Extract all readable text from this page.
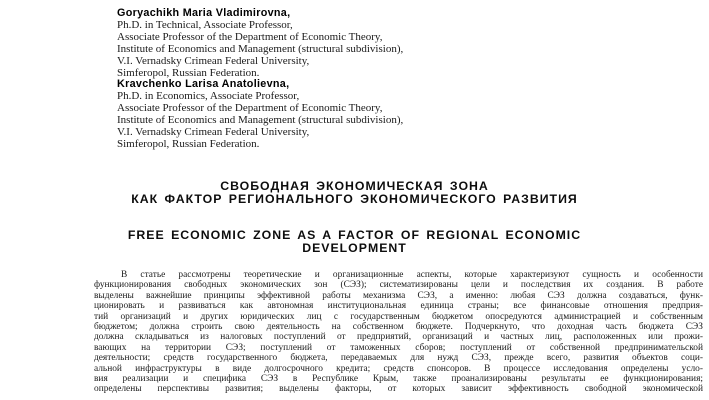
Goryachikh Maria Vladimirovna,
Ph.D. in Technical, Associate Professor,
Associate Professor of the Department of Economic Theory,
Institute of Economics and Management (structural subdivision),
V.I. Vernadsky Crimean Federal University,
Simferopol, Russian Federation.
Kravchenko Larisa Anatolievna,
Ph.D. in Economics, Associate Professor,
Associate Professor of the Department of Economic Theory,
Institute of Economics and Management (structural subdivision),
V.I. Vernadsky Crimean Federal University,
Simferopol, Russian Federation.
СВОБОДНАЯ ЭКОНОМИЧЕСКАЯ ЗОНА
КАК ФАКТОР РЕГИОНАЛЬНОГО ЭКОНОМИЧЕСКОГО РАЗВИТИЯ
FREE ECONOMIC ZONE AS A FACTOR OF REGIONAL ECONOMIC
DEVELOPMENT
В статье рассмотрены теоретические и организационные аспекты, которые характеризуют сущность и особенности
функционирования свободных экономических зон (СЭЗ); систематизированы цели и последствия их создания. В работе
выделены важнейшие принципы эффективной работы механизма СЭЗ, а именно: любая СЭЗ должна создаваться, функ-
ционировать и развиваться как автономная институциональная единица страны; все финансовые отношения предприя-
тий организаций и других юридических лиц с государственным бюджетом опосредуются администрацией и собственным
бюджетом; должна строить свою деятельность на собственном бюджете. Подчеркнуто, что доходная часть бюджета СЭЗ
должна складываться из налоговых поступлений от предприятий, организаций и частных лиц, расположенных или прожи-
вающих на территории СЭЗ; поступлений от таможенных сборов; поступлений от собственной предпринимательской
деятельности; средств государственного бюджета, передаваемых для нужд СЭЗ, прежде всего, развития объектов соци-
альной инфраструктуры в виде долгосрочного кредита; средств спонсоров. В процессе исследования определены усло-
вия реализации и специфика СЭЗ в Республике Крым, также проанализированы результаты ее функционирования;
определены перспективы развития; выделены факторы, от которых зависит эффективность свободной экономической
